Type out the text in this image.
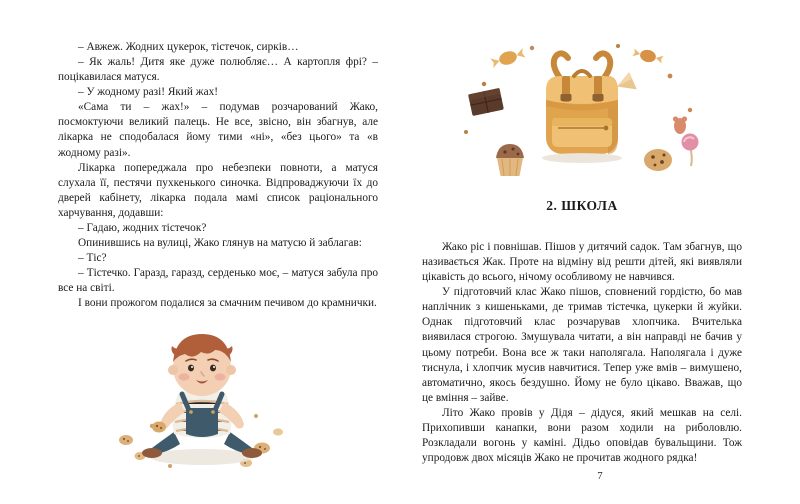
– Авжеж. Жодних цукерок, тістечок, сирків…

– Як жаль! Дитя яке дуже полюбляє… А картопля фрі? – поцікавилася матуся.

– У жодному разі! Який жах!

«Сама ти – жах!» – подумав розчарований Жако, посмоктуючи великий палець. Не все, звісно, він збагнув, але лікарка не сподобалася йому тими «ні», «без цього» та «в жодному разі».

Лікарка попереджала про небезпеки повноти, а матуся слухала її, пестячи пухкенького синочка. Відпроваджуючи їх до дверей кабінету, лікарка подала мамі список раціонального харчування, додавши:

– Гадаю, жодних тістечок?

Опинившись на вулиці, Жако глянув на матусю й заблагав:

– Тіс?

– Тістечко. Гаразд, гаразд, серденько моє, – матуся забула про все на світі.

І вони прожогом подалися за смачним печивом до крамнички.

2. ШКОЛА

Жако ріс і повнішав. Пішов у дитячий садок. Там збагнув, що називається Жак. Проте на відміну від решти дітей, які виявляли цікавість до всього, нічому особливому не навчився.

У підготовчий клас Жако пішов, сповнений гордістю, бо мав наплічник з кишеньками, де тримав тістечка, цукерки й жуйки. Однак підготовчий клас розчарував хлопчика. Вчителька виявилася строгою. Змушувала читати, а він направді не бачив у цьому потреби. Вона все ж таки наполягала. Наполягала і дуже тиснула, і хлопчик мусив навчитися. Тепер уже вмів – вимушено, автоматично, якось бездушно. Йому не було цікаво. Вважав, що це вміння – зайве.

Літо Жако провів у Дідя – дідуся, який мешкав на селі. Прихопивши канапки, вони разом ходили на риболовлю. Розкладали вогонь у каміні. Дідьо оповідав бувальщини. Тож упродовж двох місяців Жако не прочитав жодного рядка!

7
